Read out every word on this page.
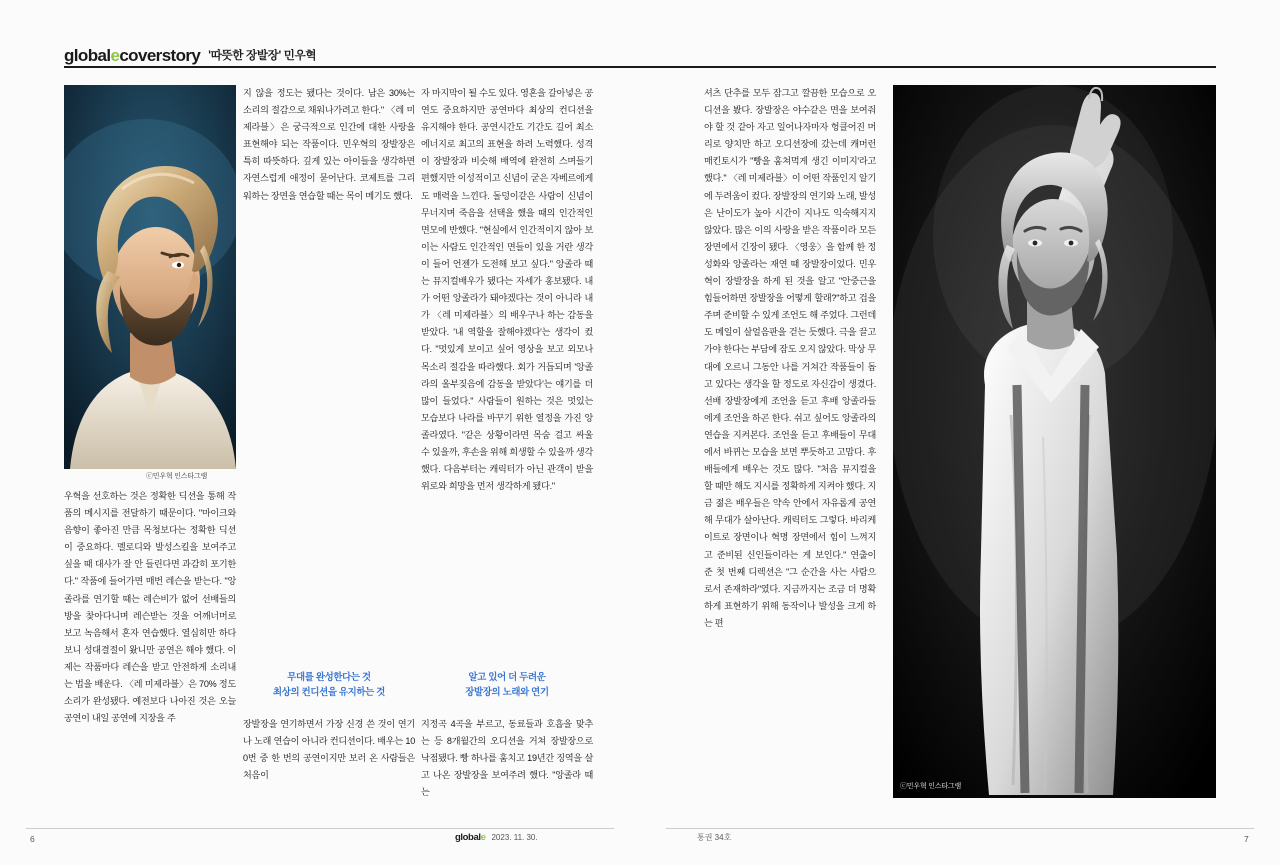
globalecoverstory '따뜻한 장발장' 민우혁
ⓒ민우혁 인스타그램
ⓒ민우혁 인스타그램

우혁을 선호하는 것은 정확한 딕션을 통해 작품의 메시지를 전달하기 때문이다. "마이크와 음향이 좋아진 만큼 목청보다는 정확한 딕션이 중요하다. 멜로디와 발성스킬을 보여주고 싶을 때 대사가 잘 안 들린다면 과감히 포기한다." 작품에 들어가면 매번 레슨을 받는다. "앙졸라를 연기할 때는 레슨비가 없어 선배들의 방을 찾아다니며 레슨받는 것을 어깨너머로 보고 녹음해서 혼자 연습했다. 열심히만 하다 보니 성대결절이 왔니만 공연은 해야 했다. 이제는 작품마다 레슨을 받고 안전하게 소리내는 법을 배운다. 〈레 미제라블〉은 70% 정도 소리가 완성됐다. 예전보다 나아진 것은 오늘 공연이 내일 공연에 지장을 주

지 않을 정도는 됐다는 것이다. 남은 30%는 소리의 절감으로 채워나가려고 한다." 〈레 미제라블〉은 궁극적으로 인간에 대한 사랑을 표현해야 되는 작품이다. 민우혁의 장발장은 특히 따뜻하다. 깊게 있는 아이들을 생각하면 자연스럽게 애정이 묻어난다. 코제트를 그리워하는 장면을 연습할 때는 목이 메기도 했다.

무대를 완성한다는 것
최상의 컨디션을 유지하는 것

장발장을 연기하면서 가장 신경 쓴 것이 연기나 노래 연습이 아니라 컨디션이다. 배우는 100번 중 한 번의 공연이지만 보러 온 사람들은 처음이

자 마지막이 될 수도 있다. 영혼을 갈아넣은 공연도 중요하지만 공연마다 최상의 컨디션을 유지해야 한다. 공연시간도 기간도 길어 최소 에너지로 최고의 표현을 하려 노력했다. 성격이 장발장과 비슷해 배역에 완전히 스며들기 편했지만 이성적이고 신념이 굳은 자베르에게도 매력을 느낀다. 돌덩이같은 사람이 신념이 무너지며 죽음을 선택을 했을 때의 인간적인 면모에 반했다. "현실에서 인간적이지 않아 보이는 사람도 인간적인 면들이 있을 거란 생각이 들어 언젠가 도전해 보고 싶다." 앙졸라 때는 뮤지컬배우가 됐다는 자세가 홍보됐다. 내가 어떤 앙졸라가 돼야겠다는 것이 아니라 내가 〈레 미제라블〉의 배우구나 하는 감동을 받았다. '내 역할을 잘해야겠다'는 생각이 컸다. "멋있게 보이고 싶어 영상을 보고 외모나 목소리 절감을 따라했다. 회가 거듭되며 '앙졸라의 올부짖음에 감동을 받았다'는 얘기를 더 많이 들었다." 사람들이 원하는 것은 멋있는 모습보다 나라를 바꾸기 위한 열정을 가진 앙졸라였다. "같은 상황이라면 목숨 걸고 싸울 수 있을까, 후손을 위해 희생할 수 있을까 생각했다. 다음부터는 캐릭터가 아닌 관객이 받을 위로와 희망을 먼저 생각하게 됐다."

알고 있어 더 두려운
장발장의 노래와 연기

지정곡 4곡을 부르고, 동료들과 호흡을 맞추는 등 8개월간의 오디션을 거쳐 장발장으로 낙점됐다. 빵 하나를 훔치고 19년간 징역을 살고 나온 장발장을 보여주려 했다. "앙졸라 때는

셔츠 단추를 모두 잠그고 깔끔한 모습으로 오디션을 봤다. 장발장은 야수같은 면을 보여줘야 할 것 같아 자고 일어나자마자 헝클어진 머리로 양치만 하고 오디션장에 갔는데 캐머런 매킨토시가 "빵을 훔쳐먹게 생긴 이미지'라고 했다." 〈레 미제라블〉이 어떤 작품인지 알기에 두려움이 컸다. 장발장의 연기와 노래, 발성은 난이도가 높아 시간이 지나도 익숙해지지 않았다. 많은 이의 사랑을 받은 작품이라 모든 장면에서 긴장이 됐다. 〈영웅〉을 함께 한 정성화와 앙졸라는 재연 때 장발장이었다. 민우혁이 장발장을 하게 된 것을 알고 "안중근을 힘들어하면 장발장을 어떻게 할래?"하고 겁을 주며 준비할 수 있게 조언도 해 주었다. 그런데도 메일이 살얼음판을 걷는 듯했다. 극을 끌고 가야 한다는 부담에 잠도 오지 않았다. 막상 무대에 오르니 그동안 나를 거쳐간 작품들이 돕고 있다는 생각을 할 정도로 자신감이 생겼다. 선배 장발장에게 조언을 듣고 후배 앙졸라들에게 조언을 하곤 한다. 쉬고 싶어도 앙졸라의 연습을 지켜본다. 조언을 듣고 후배들이 무대에서 바뀌는 모습을 보면 뿌듯하고 고맙다. 후배들에게 배우는 것도 많다. "처음 뮤지컬을 할 때만 해도 지시를 정확하게 지켜야 했다. 지금 젊은 배우들은 약속 안에서 자유롭게 공연해 무대가 살아난다. 캐릭터도 그렇다. 바리케이트로 장면이나 혁명 장면에서 힘이 느껴지고 준비된 신인들이라는 게 보인다." 연출이 준 첫 번째 디렉션은 "그 순간을 사는 사람으로서 존재하라"였다. 지금까지는 조금 더 명확하게 표현하기 위해 동작이나 발성을 크게 하는 편

6	7
globale 2023. 11. 30.	통권 34호
